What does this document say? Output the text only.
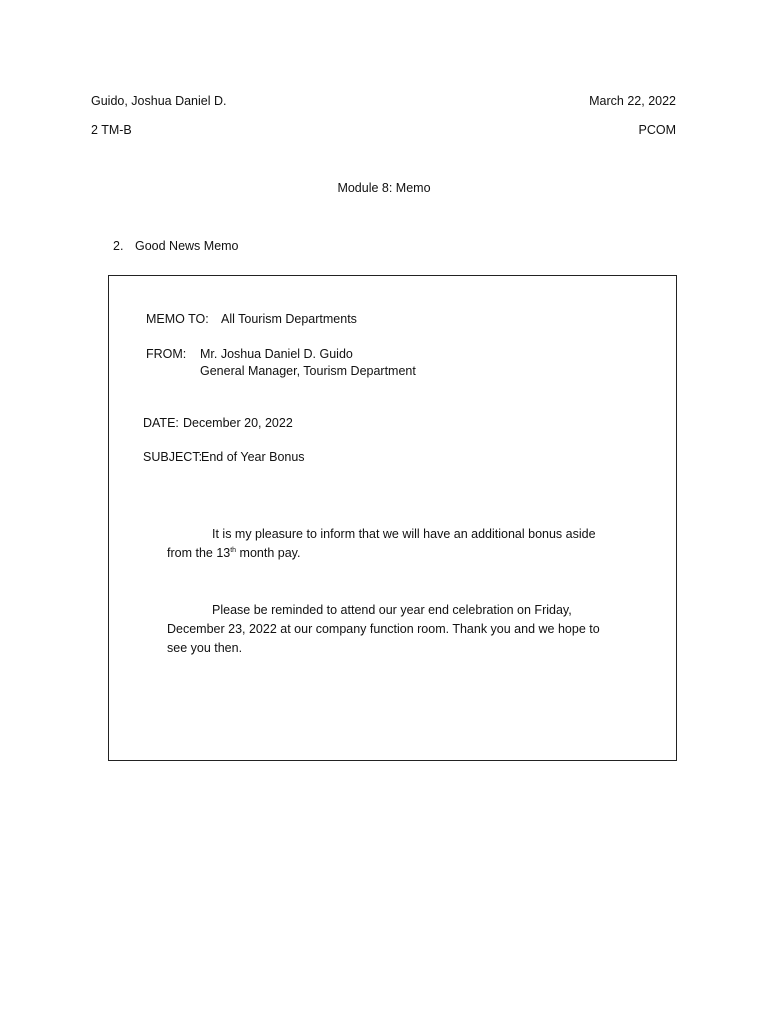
Guido, Joshua Daniel D.
2 TM-B
March 22, 2022
PCOM
Module 8: Memo
2. Good News Memo
MEMO TO: All Tourism Departments
FROM: Mr. Joshua Daniel D. Guido
General Manager, Tourism Department
DATE: December 20, 2022
SUBJECT:
End of Year Bonus
It is my pleasure to inform that we will have an additional bonus aside from the 13th month pay.
Please be reminded to attend our year end celebration on Friday, December 23, 2022 at our company function room. Thank you and we hope to see you then.
